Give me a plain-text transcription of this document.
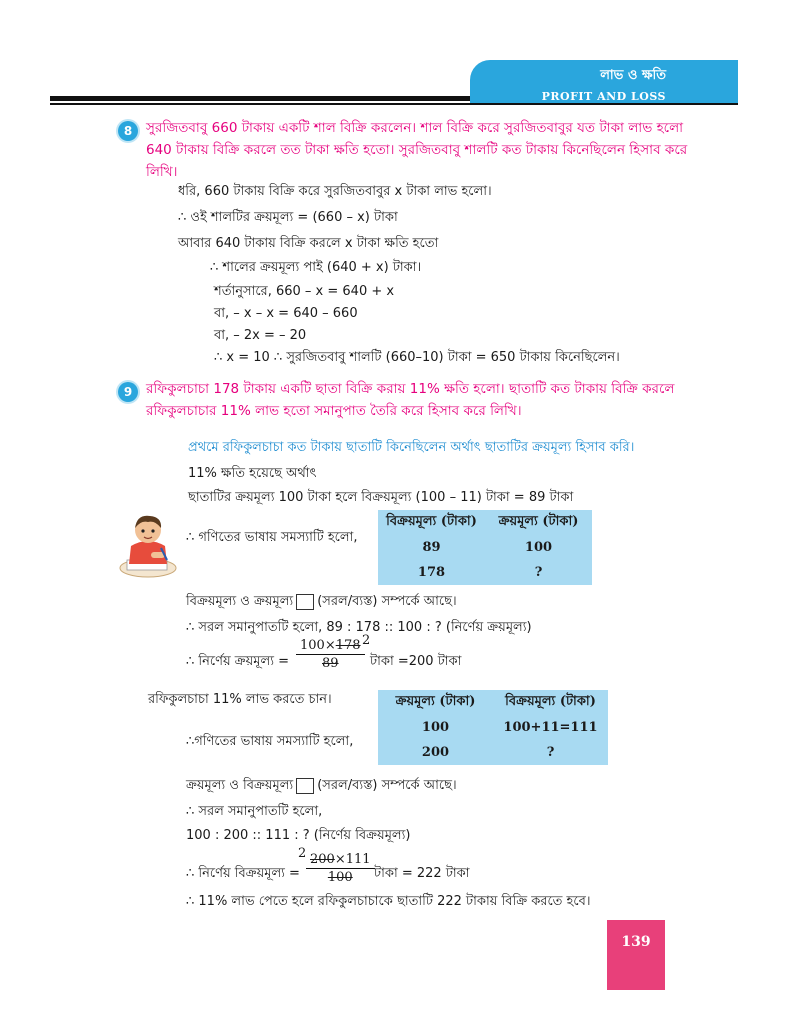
লাভ ও ক্ষতি
PROFIT AND LOSS
8	সুরজিতবাবু 660 টাকায় একটি শাল বিক্রি করলেন। শাল বিক্রি করে সুরজিতবাবুর যত টাকা লাভ হলো
640 টাকায় বিক্রি করলে তত টাকা ক্ষতি হতো। সুরজিতবাবু শালটি কত টাকায় কিনেছিলেন হিসাব করে
লিখি।
ধরি, 660 টাকায় বিক্রি করে সুরজিতবাবুর x টাকা লাভ হলো।
∴ ওই শালটির ক্রয়মূল্য = (660 – x) টাকা
আবার 640 টাকায় বিক্রি করলে x টাকা ক্ষতি হতো
∴ শালের ক্রয়মূল্য পাই (640 + x) টাকা।
শর্তানুসারে, 660 – x = 640 + x
বা, – x – x = 640 – 660
বা, – 2x = – 20
∴ x = 10 ∴ সুরজিতবাবু শালটি (660–10) টাকা = 650 টাকায় কিনেছিলেন।
9	রফিকুলচাচা 178 টাকায় একটি ছাতা বিক্রি করায় 11% ক্ষতি হলো। ছাতাটি কত টাকায় বিক্রি করলে
রফিকুলচাচার 11% লাভ হতো সমানুপাত তৈরি করে হিসাব করে লিখি।
প্রথমে রফিকুলচাচা কত টাকায় ছাতাটি কিনেছিলেন অর্থাৎ ছাতাটির ক্রয়মূল্য হিসাব করি।
11% ক্ষতি হয়েছে অর্থাৎ
ছাতাটির ক্রয়মূল্য 100 টাকা হলে বিক্রয়মূল্য (100 – 11) টাকা = 89 টাকা
∴ গণিতের ভাষায় সমস্যাটি হলো,
বিক্রয়মূল্য (টাকা)	ক্রয়মূল্য (টাকা)
89	100
178	?
বিক্রয়মূল্য ও ক্রয়মূল্য (সরল/ব্যস্ত) সম্পর্কে আছে।
∴ সরল সমানুপাতটি হলো, 89 : 178 :: 100 : ? (নির্ণেয় ক্রয়মূল্য)
∴ নির্ণেয় ক্রয়মূল্য =
100×178
89
2
টাকা =200 টাকা
রফিকুলচাচা 11% লাভ করতে চান।
∴গণিতের ভাষায় সমস্যাটি হলো,
ক্রয়মূল্য (টাকা)	বিক্রয়মূল্য (টাকা)
100	100+11=111
200	?
ক্রয়মূল্য ও বিক্রয়মূল্য (সরল/ব্যস্ত) সম্পর্কে আছে।
∴ সরল সমানুপাতটি হলো,
100 : 200 :: 111 : ? (নির্ণেয় বিক্রয়মূল্য)
∴ নির্ণেয় বিক্রয়মূল্য =
2 200×111
100	টাকা = 222 টাকা
∴ 11% লাভ পেতে হলে রফিকুলচাচাকে ছাতাটি 222 টাকায় বিক্রি করতে হবে।
139
